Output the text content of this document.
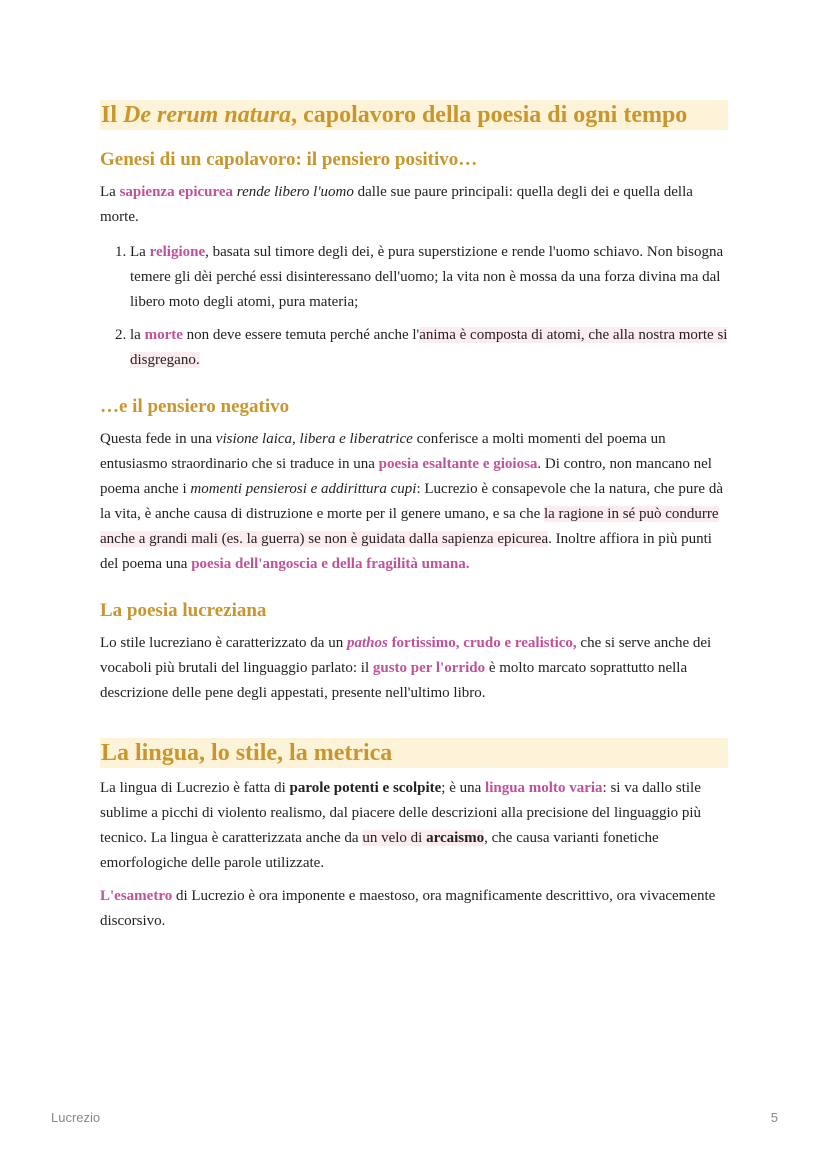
Il De rerum natura, capolavoro della poesia di ogni tempo
Genesi di un capolavoro: il pensiero positivo…

La sapienza epicurea rende libero l'uomo dalle sue paure principali: quella degli dei e quella della morte.

1. La religione, basata sul timore degli dei, è pura superstizione e rende l'uomo schiavo. Non bisogna temere gli dèi perché essi disinteressano dell'uomo; la vita non è mossa da una forza divina ma dal libero moto degli atomi, pura materia;
2. la morte non deve essere temuta perché anche l'anima è composta di atomi, che alla nostra morte si disgregano.
…e il pensiero negativo

Questa fede in una visione laica, libera e liberatrice conferisce a molti momenti del poema un entusiasmo straordinario che si traduce in una poesia esaltante e gioiosa. Di contro, non mancano nel poema anche i momenti pensierosi e addirittura cupi: Lucrezio è consapevole che la natura, che pure dà la vita, è anche causa di distruzione e morte per il genere umano, e sa che la ragione in sé può condurre anche a grandi mali (es. la guerra) se non è guidata dalla sapienza epicurea. Inoltre affiora in più punti del poema una poesia dell'angoscia e della fragilità umana.

La poesia lucreziana

Lo stile lucreziano è caratterizzato da un pathos fortissimo, crudo e realistico, che si serve anche dei vocaboli più brutali del linguaggio parlato: il gusto per l'orrido è molto marcato soprattutto nella descrizione delle pene degli appestati, presente nell'ultimo libro.

La lingua, lo stile, la metrica

La lingua di Lucrezio è fatta di parole potenti e scolpite; è una lingua molto varia: si va dallo stile sublime a picchi di violento realismo, dal piacere delle descrizioni alla precisione del linguaggio più tecnico. La lingua è caratterizzata anche da un velo di arcaismo, che causa varianti fonetiche emorfologiche delle parole utilizzate.

L'esametro di Lucrezio è ora imponente e maestoso, ora magnificamente descrittivo, ora vivacemente discorsivo.

Lucrezio	5
